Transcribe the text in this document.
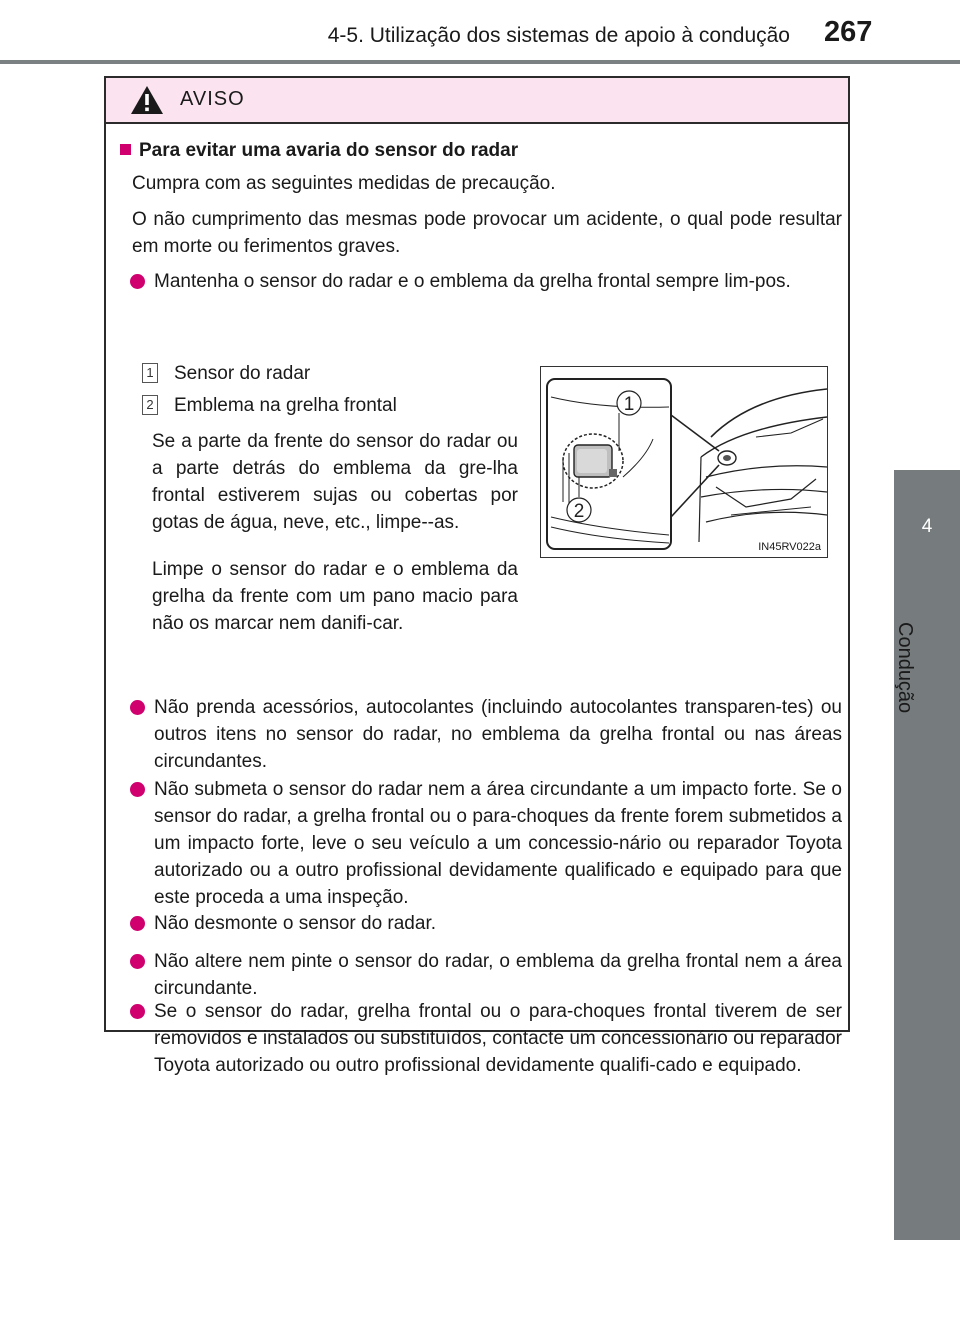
4-5. Utilização dos sistemas de apoio à condução 267
4
Condução
AVISO
Para evitar uma avaria do sensor do radar

Cumpra com as seguintes medidas de precaução.

O não cumprimento das mesmas pode provocar um acidente, o qual pode resultar em morte ou ferimentos graves.

Mantenha o sensor do radar e o emblema da grelha frontal sempre lim-pos.
1 Sensor do radar
2 Emblema na grelha frontal

Se a parte da frente do sensor do radar ou a parte detrás do emblema da gre-lha frontal estiverem sujas ou cobertas por gotas de água, neve, etc., limpe--as.

Limpe o sensor do radar e o emblema da grelha da frente com um pano macio para não os marcar nem danifi-car.

1
2
IN45RV022a
Não prenda acessórios, autocolantes (incluindo autocolantes transparen-tes) ou outros itens no sensor do radar, no emblema da grelha frontal ou nas áreas circundantes.
Não submeta o sensor do radar nem a área circundante a um impacto forte. Se o sensor do radar, a grelha frontal ou o para-choques da frente forem submetidos a um impacto forte, leve o seu veículo a um concessio-nário ou reparador Toyota autorizado ou a outro profissional devidamente qualificado e equipado para que este proceda a uma inspeção.
Não desmonte o sensor do radar.
Não altere nem pinte o sensor do radar, o emblema da grelha frontal nem a área circundante.
Se o sensor do radar, grelha frontal ou o para-choques frontal tiverem de ser removidos e instalados ou substituídos, contacte um concessionário ou reparador Toyota autorizado ou outro profissional devidamente qualifi-cado e equipado.
